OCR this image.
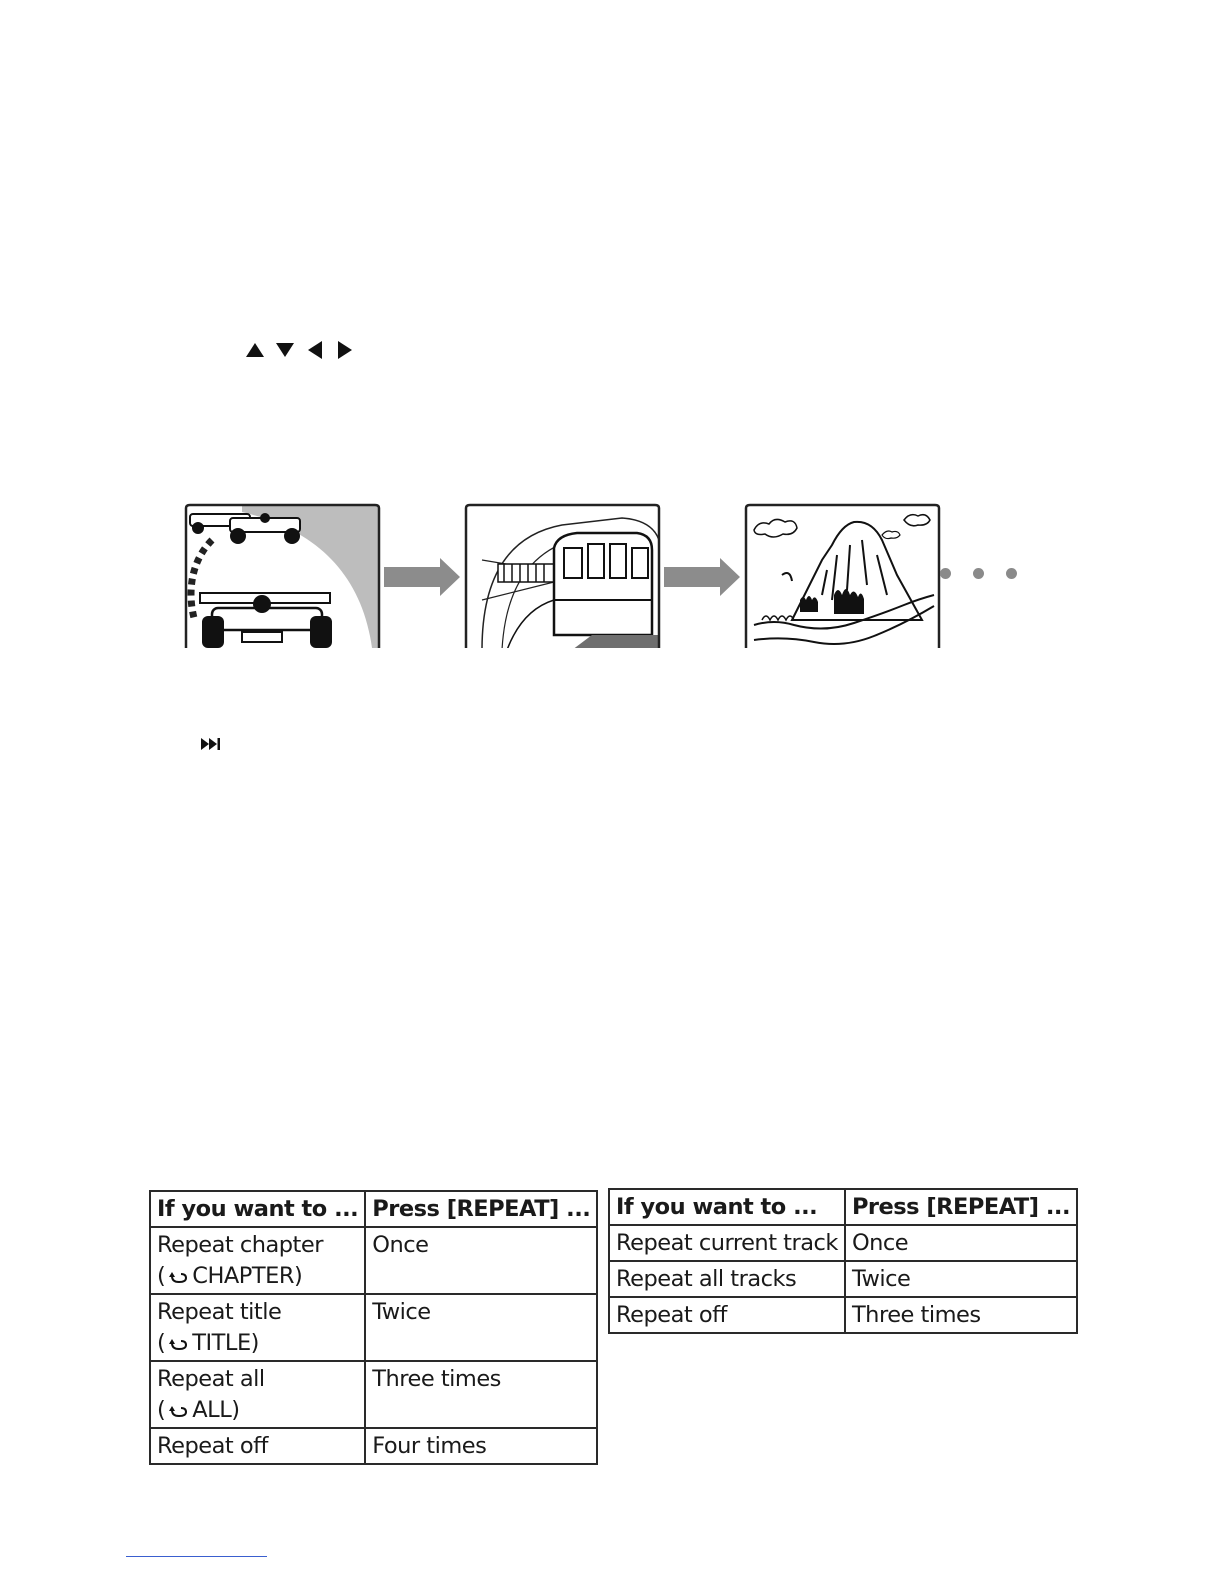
If you want to ...	Press [REPEAT] ...
Repeat chapter
( CHAPTER)	Once
Repeat title
( TITLE)	Twice
Repeat all
( ALL)	Three times
Repeat off	Four times
If you want to ...	Press [REPEAT] ...
Repeat current track	Once
Repeat all tracks	Twice
Repeat off	Three times
